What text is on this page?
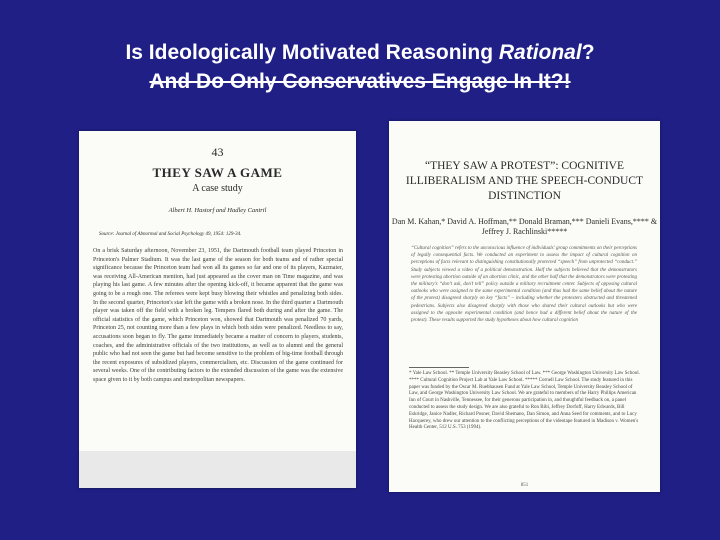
Is Ideologically Motivated Reasoning Rational?
And Do Only Conservatives Engage In It?!
43
THEY SAW A GAME
A case study
Albert H. Hastorf and Hadley Cantril
Source: Journal of Abnormal and Social Psychology 49, 1954: 129-34.
On a brisk Saturday afternoon, November 23, 1951, the Dartmouth football team played Princeton in Princeton's Palmer Stadium. It was the last game of the season for both teams and of rather special significance because the Princeton team had won all its games so far and one of its players, Kazmaier, was receiving All-American mention, had just appeared as the cover man on Time magazine, and was playing his last game. A few minutes after the opening kick-off, it became apparent that the game was going to be a rough one. The referees were kept busy blowing their whistles and penalizing both sides. In the second quarter, Princeton's star left the game with a broken nose. In the third quarter a Dartmouth player was taken off the field with a broken leg. Tempers flared both during and after the game. The official statistics of the game, which Princeton won, showed that Dartmouth was penalized 70 yards, Princeton 25, not counting more than a few plays in which both sides were penalized. Needless to say, accusations soon began to fly. The game immediately became a matter of concern to players, students, coaches, and the administrative officials of the two institutions, as well as to alumni and the general public who had not seen the game but had become sensitive to the problem of big-time football through the recent exposures of subsidized players, commercialism, etc. Discussion of the game continued for several weeks. One of the contributing factors to the extended discussion of the game was the extensive space given to it by both campus and metropolitan newspapers.
“THEY SAW A PROTEST”: COGNITIVE ILLIBERALISM AND THE SPEECH-CONDUCT DISTINCTION
Dan M. Kahan,* David A. Hoffman,** Donald Braman,*** Danieli Evans,**** & Jeffrey J. Rachlinski*****
“Cultural cognition” refers to the unconscious influence of individuals’ group commitments on their perceptions of legally consequential facts. We conducted an experiment to assess the impact of cultural cognition on perceptions of facts relevant to distinguishing constitutionally protected “speech” from unprotected “conduct.” Study subjects viewed a video of a political demonstration. Half the subjects believed that the demonstrators were protesting abortion outside of an abortion clinic, and the other half that the demonstrators were protesting the military’s “don’t ask, don’t tell” policy outside a military recruitment center. Subjects of opposing cultural outlooks who were assigned to the same experimental condition (and thus had the same belief about the nature of the protest) disagreed sharply on key “facts” – including whether the protesters obstructed and threatened pedestrians. Subjects also disagreed sharply with those who shared their cultural outlooks but who were assigned to the opposite experimental condition (and hence had a different belief about the nature of the protest). These results supported the study hypotheses about how cultural cognition
* Yale Law School. ** Temple University Beasley School of Law. *** George Washington University Law School. **** Cultural Cognition Project Lab at Yale Law School. ***** Cornell Law School. The study featured in this paper was funded by the Oscar M. Ruebhausen Fund at Yale Law School, Temple University Beasley School of Law, and George Washington University Law School. We are grateful to members of the Harry Phillips American Inn of Court in Nashville, Tennessee, for their generous participation in, and thoughtful feedback on, a panel conducted to assess the study design. We are also grateful to Ron Bibi, Jeffrey Dorfoff, Harry Edwards, Bill Eskridge, Janice Nadler, Richard Posner, David Shemano, Dan Simon, and Anna Seed for comments, and to Lucy Hacquerey, who drew our attention to the conflicting perceptions of the videotape featured in Madison v. Women's Health Center, 512 U.S. 753 (1994).
851
